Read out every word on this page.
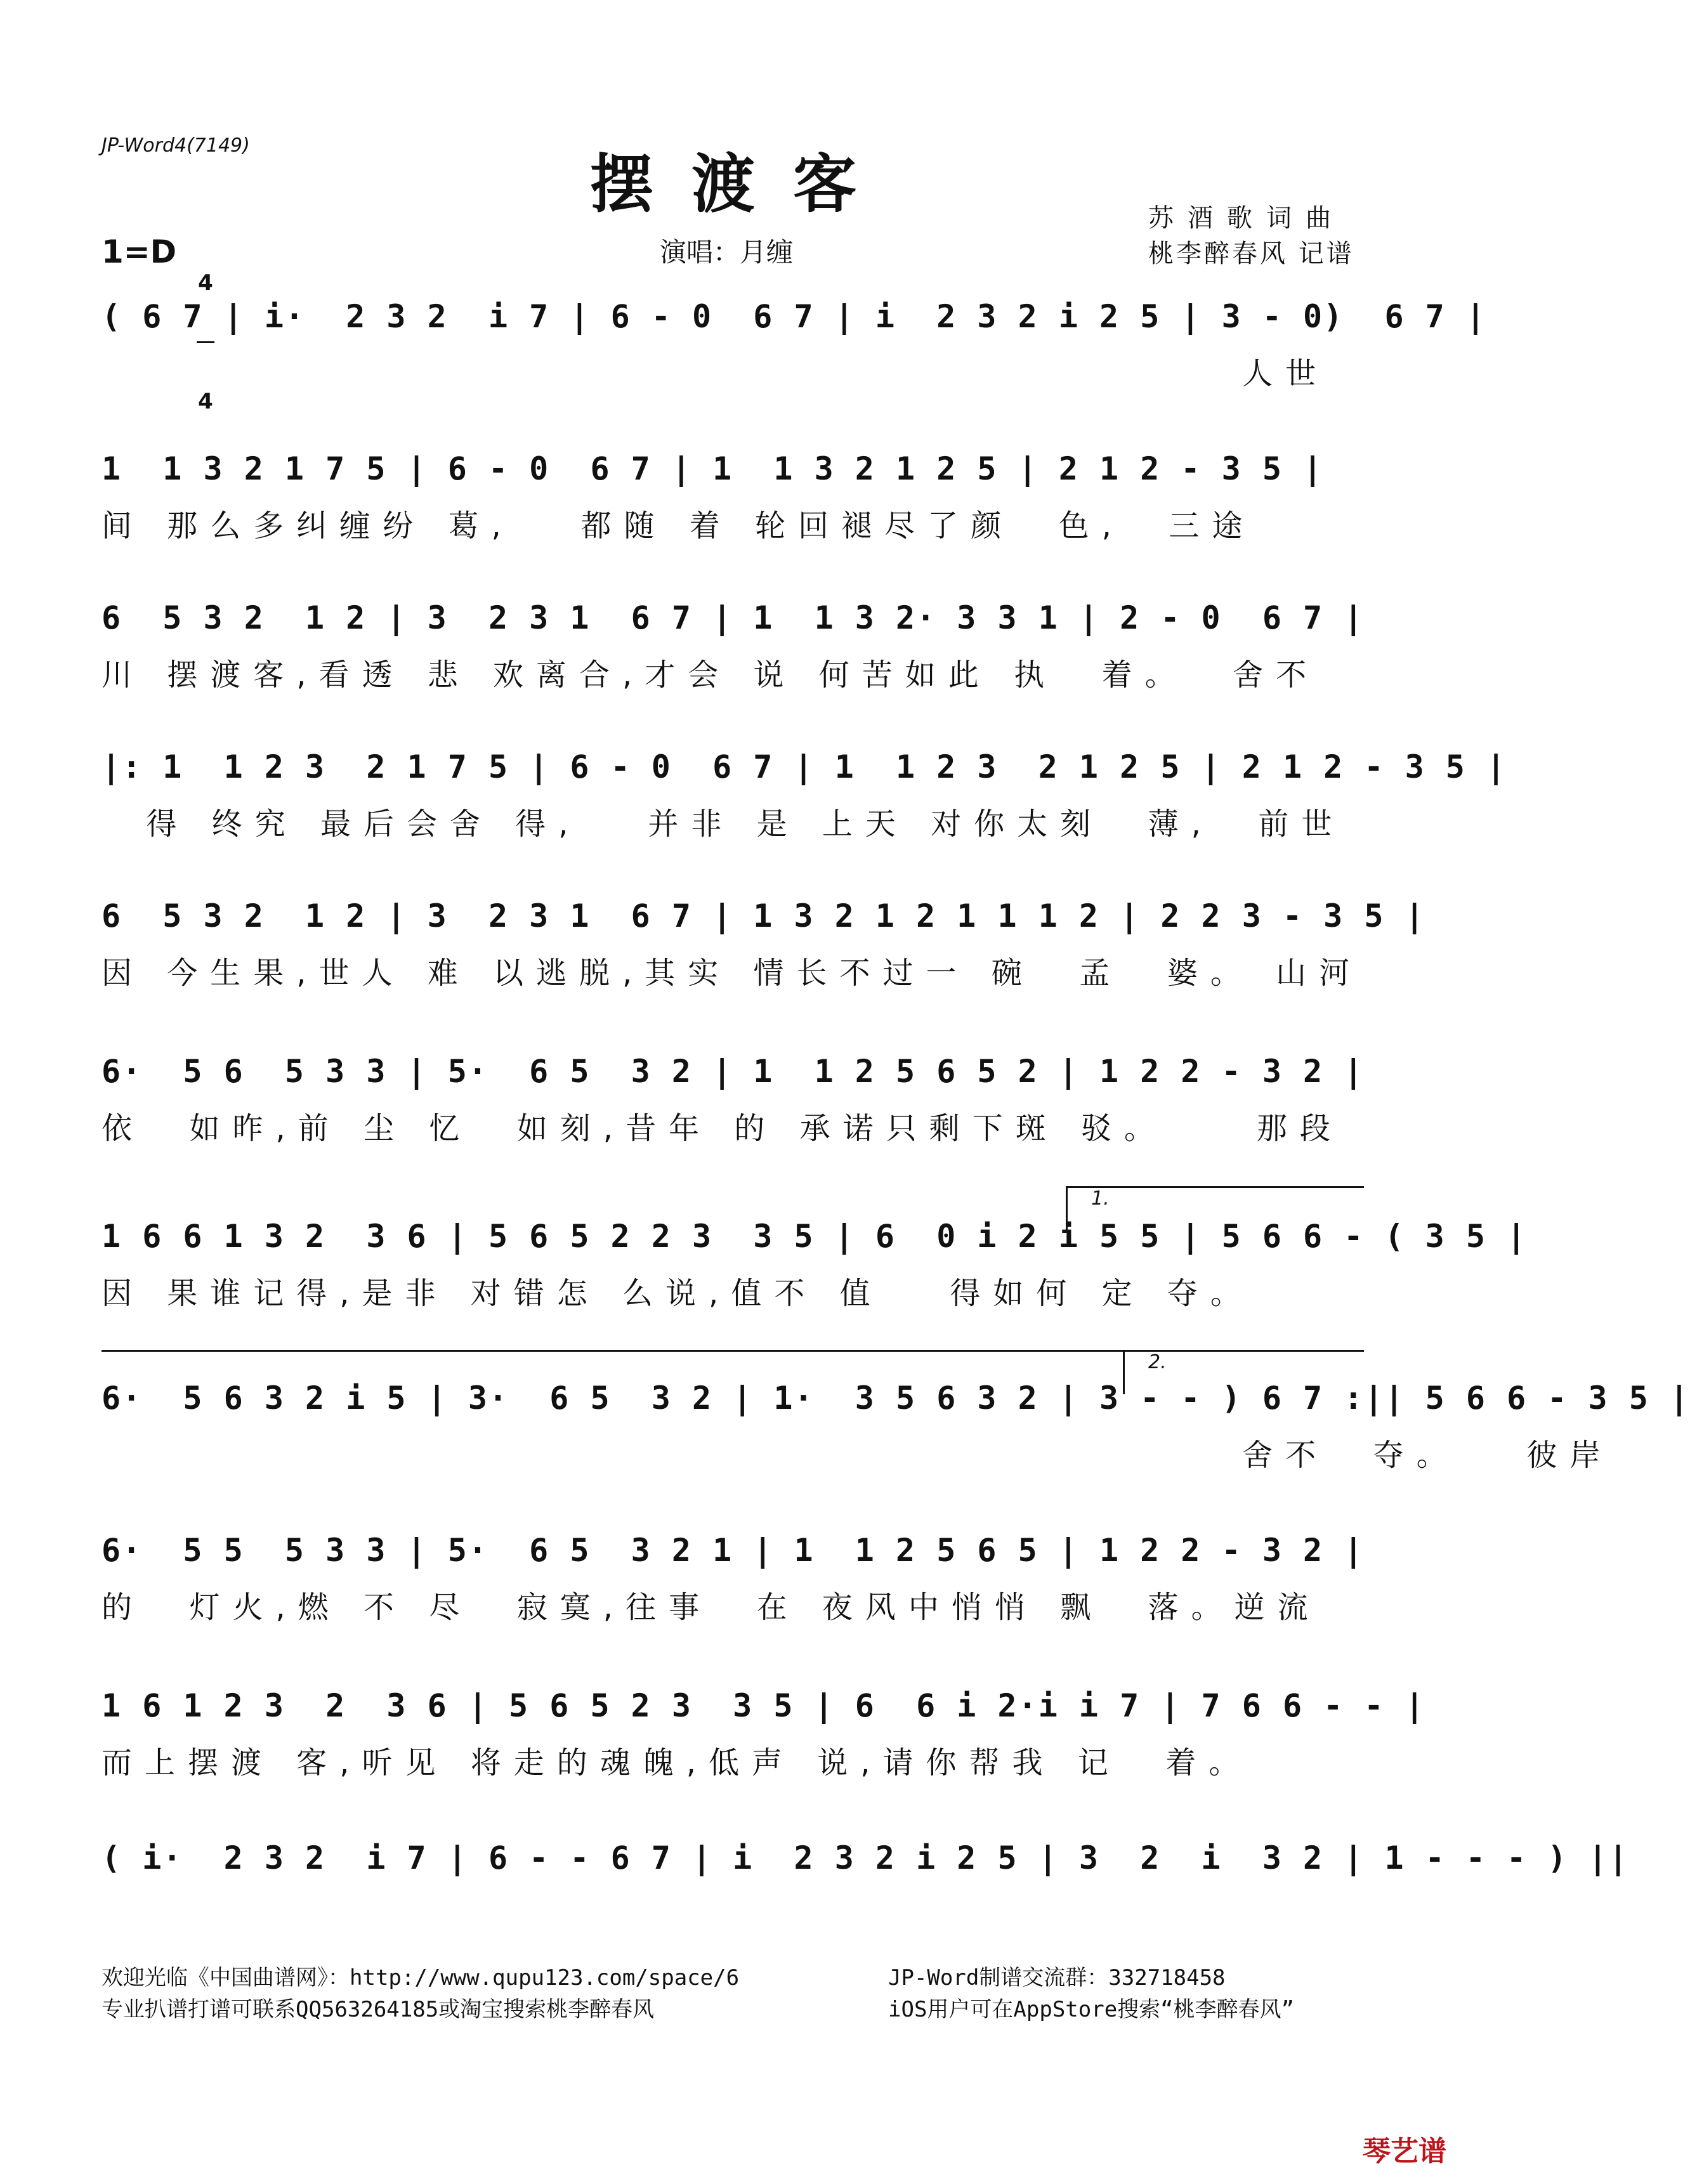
JP-Word4(7149)
摆渡客
1=D

4

4

演唱：月缠
苏酒歌词曲
桃李醉春风 记谱
( 6 7 | i·  2 3 2  i 7 | 6 - 0  6 7 | i  2 3 2 i 2 5 | 3 - 0)  6 7 |
人世
1  1 3 2 1 7 5 | 6 - 0  6 7 | 1  1 3 2 1 2 5 | 2 1 2 - 3 5 |
间 那么多纠缠纷 葛,   都随 着 轮回褪尽了颜  色,  三途
6  5 3 2  1 2 | 3  2 3 1  6 7 | 1  1 3 2· 3 3 1 | 2 - 0  6 7 |
川 摆渡客,看透 悲 欢离合,才会 说 何苦如此 执  着。  舍不
|: 1  1 2 3  2 1 7 5 | 6 - 0  6 7 | 1  1 2 3  2 1 2 5 | 2 1 2 - 3 5 |
得 终究 最后会舍 得,   并非 是 上天 对你太刻  薄,  前世
6  5 3 2  1 2 | 3  2 3 1  6 7 | 1 3 2 1 2 1 1 1 2 | 2 2 3 - 3 5 |
因 今生果,世人 难 以逃脱,其实 情长不过一 碗  孟  婆。 山河
6·  5 6  5 3 3 | 5·  6 5  3 2 | 1  1 2 5 6 5 2 | 1 2 2 - 3 2 |
依  如昨,前 尘 忆  如刻,昔年 的 承诺只剩下斑 驳。    那段
1.
1 6 6 1 3 2  3 6 | 5 6 5 2 2 3  3 5 | 6  0 i 2 i 5 5 | 5 6 6 - ( 3 5 |
因 果谁记得,是非 对错怎 么说,值不 值   得如何 定 夺。
2.
6·  5 6 3 2 i 5 | 3·  6 5  3 2 | 1·  3 5 6 3 2 | 3 - - ) 6 7 :|| 5 6 6 - 3 5 |
舍不  夺。   彼岸
6·  5 5  5 3 3 | 5·  6 5  3 2 1 | 1  1 2 5 6 5 | 1 2 2 - 3 2 |
的  灯火,燃 不 尽  寂寞,往事  在 夜风中悄悄 飘  落。逆流
1 6 1 2 3  2  3 6 | 5 6 5 2 3  3 5 | 6  6 i 2·i i 7 | 7 6 6 - - |
而上摆渡 客,听见 将走的魂魄,低声 说,请你帮我 记  着。
( i·  2 3 2  i 7 | 6 - - 6 7 | i  2 3 2 i 2 5 | 3  2  i  3 2 | 1 - - - ) ||
欢迎光临《中国曲谱网》：http://www.qupu123.com/space/6
专业扒谱打谱可联系QQ563264185或淘宝搜索桃李醉春风
JP-Word制谱交流群：332718458
iOS用户可在AppStore搜索“桃李醉春风”
琴艺谱
